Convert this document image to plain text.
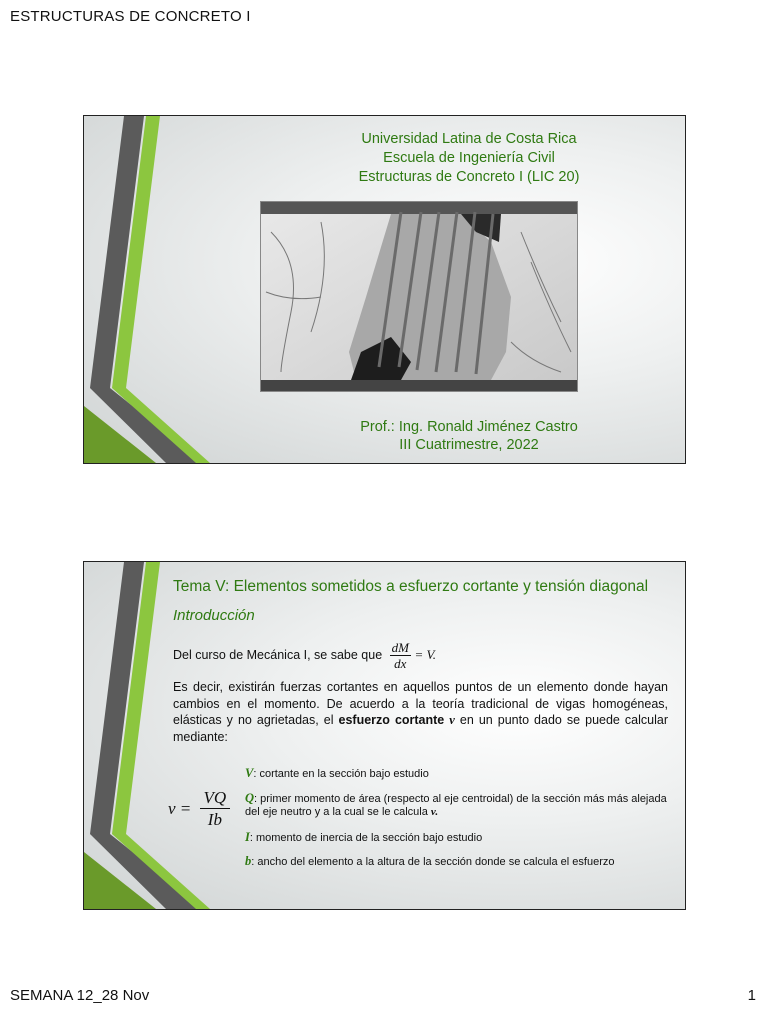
ESTRUCTURAS DE CONCRETO I
Universidad Latina de Costa Rica
Escuela de Ingeniería Civil
Estructuras de Concreto I (LIC 20)
Prof.: Ing. Ronald Jiménez Castro
III Cuatrimestre, 2022
Tema V: Elementos sometidos a esfuerzo cortante y tensión diagonal
Introducción
Del curso de Mecánica I, se sabe que $\frac{dM}{dx} = V$.
Es decir, existirán fuerzas cortantes en aquellos puntos de un elemento donde hayan cambios en el momento. De acuerdo a la teoría tradicional de vigas homogéneas, elásticas y no agrietadas, el esfuerzo cortante v en un punto dado se puede calcular mediante:
$v = \frac{VQ}{Ib}$
V: cortante en la sección bajo estudio
Q: primer momento de área (respecto al eje centroidal) de la sección más más alejada del eje neutro y a la cual se le calcula v.
I: momento de inercia de la sección bajo estudio
b: ancho del elemento a la altura de la sección donde se calcula el esfuerzo
SEMANA 12_28 Nov	1
